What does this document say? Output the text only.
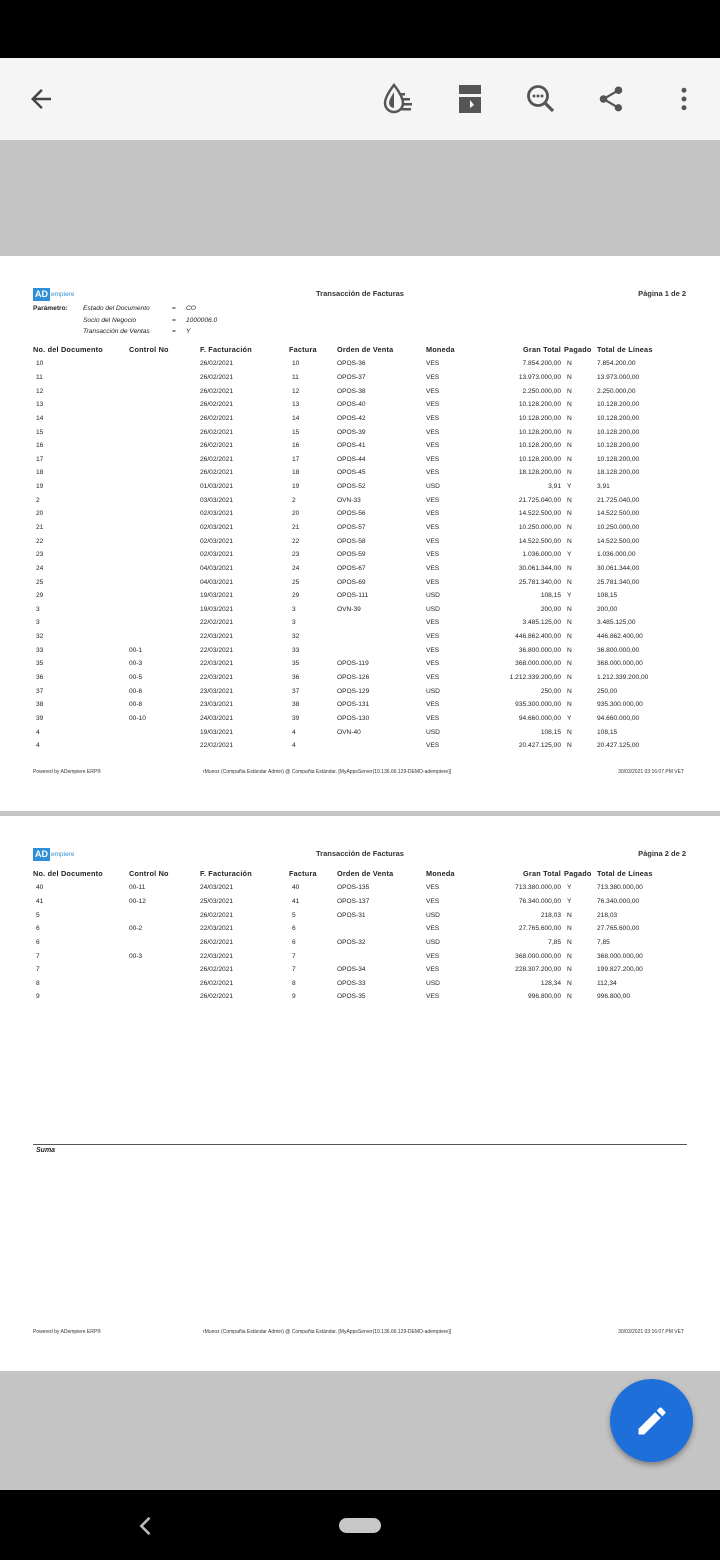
AD empiere	Transacción de Facturas	Página 1 de 2
Parámetro: Estado del Documento	= CO
Socio del Negocio	= 1000006.0
Transacción de Ventas	= Y
No. del Documento	Control No	F. Facturación	Factura	Orden de Venta	Moneda	Gran Total	Pagado	Total de Líneas
10		26/02/2021	10	OPOS-36	VES	7.854.200,00	N	7.854.200,00
11		26/02/2021	11	OPOS-37	VES	13.973.000,00	N	13.973.000,00
12		26/02/2021	12	OPOS-38	VES	2.250.000,00	N	2.250.000,00
13		26/02/2021	13	OPOS-40	VES	10.128.200,00	N	10.128.200,00
14		26/02/2021	14	OPOS-42	VES	10.128.200,00	N	10.128.200,00
15		26/02/2021	15	OPOS-39	VES	10.128.200,00	N	10.128.200,00
16		26/02/2021	16	OPOS-41	VES	10.128.200,00	N	10.128.200,00
17		26/02/2021	17	OPOS-44	VES	10.128.200,00	N	10.128.200,00
18		26/02/2021	18	OPOS-45	VES	18.128.200,00	N	18.128.200,00
19		01/03/2021	19	OPOS-52	USD	3,91	Y	3,91
2		03/03/2021	2	OVN-33	VES	21.725.040,00	N	21.725.040,00
20		02/03/2021	20	OPOS-56	VES	14.522.500,00	N	14.522.500,00
21		02/03/2021	21	OPOS-57	VES	10.250.000,00	N	10.250.000,00
22		02/03/2021	22	OPOS-58	VES	14.522.500,00	N	14.522.500,00
23		02/03/2021	23	OPOS-59	VES	1.036.000,00	Y	1.036.000,00
24		04/03/2021	24	OPOS-67	VES	30.061.344,00	N	30.061.344,00
25		04/03/2021	25	OPOS-69	VES	25.781.340,00	N	25.781.340,00
29		19/03/2021	29	OPOS-111	USD	108,15	Y	108,15
3		19/03/2021	3	OVN-39	USD	200,00	N	200,00
3		22/02/2021	3		VES	3.485.125,00	N	3.485.125,00
32		22/03/2021	32		VES	446.862.400,00	N	446.862.400,00
33	00-1	22/03/2021	33		VES	36.800.000,00	N	36.800.000,00
35	00-3	22/03/2021	35	OPOS-119	VES	368.000.000,00	N	368.000.000,00
36	00-5	22/03/2021	36	OPOS-126	VES	1.212.339.200,00	N	1.212.339.200,00
37	00-6	23/03/2021	37	OPOS-129	USD	250,00	N	250,00
38	00-8	23/03/2021	38	OPOS-131	VES	935.300.000,00	N	935.300.000,00
39	00-10	24/03/2021	39	OPOS-130	VES	94.660.000,00	Y	94.660.000,00
4		19/03/2021	4	OVN-40	USD	108,15	N	108,15
4		22/02/2021	4		VES	20.427.125,00	N	20.427.125,00
Powered by ADempiere ERP®	rMunoz (Compañia Estándar Admin) @ Compañia Estándar. [MyAppsServer{10.136.66.129-DEMO-adempiere}]	30/03/2021 03:16:07 PM VET
AD empiere	Transacción de Facturas	Página 2 de 2
No. del Documento	Control No	F. Facturación	Factura	Orden de Venta	Moneda	Gran Total	Pagado	Total de Líneas
40	00-11	24/03/2021	40	OPOS-135	VES	713.380.000,00	Y	713.380.000,00
41	00-12	25/03/2021	41	OPOS-137	VES	76.340.000,00	Y	76.340.000,00
5		26/02/2021	5	OPOS-31	USD	218,03	N	218,03
6	00-2	22/03/2021	6		VES	27.765.600,00	N	27.765.600,00
6		26/02/2021	6	OPOS-32	USD	7,85	N	7,85
7	00-3	22/03/2021	7		VES	368.000.000,00	N	368.000.000,00
7		26/02/2021	7	OPOS-34	VES	228.307.200,00	N	199.827.200,00
8		26/02/2021	8	OPOS-33	USD	128,34	N	112,34
9		26/02/2021	9	OPOS-35	VES	996.800,00	N	996.800,00
Suma
Powered by ADempiere ERP®	rMunoz (Compañia Estándar Admin) @ Compañia Estándar. [MyAppsServer{10.136.66.129-DEMO-adempiere}]	30/03/2021 03:16:07 PM VET
